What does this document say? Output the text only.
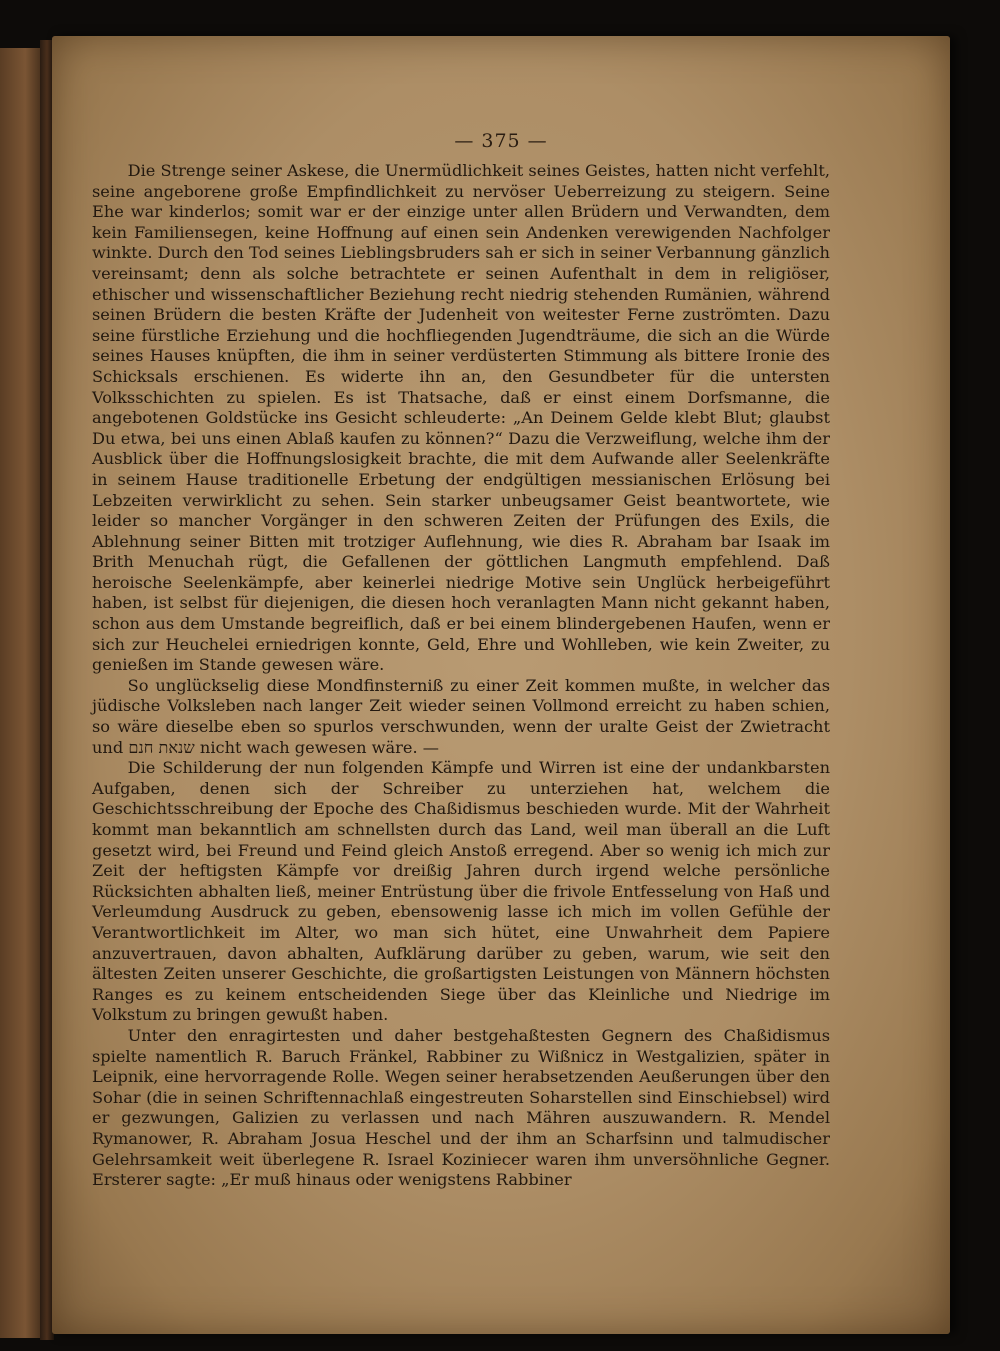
— 375 —

Die Strenge seiner Askese, die Unermüdlichkeit seines Geistes, hatten nicht verfehlt, seine angeborene große Empfindlichkeit zu nervöser Ueberreizung zu steigern. Seine Ehe war kinderlos; somit war er der einzige unter allen Brüdern und Verwandten, dem kein Familiensegen, keine Hoffnung auf einen sein Andenken verewigenden Nachfolger winkte. Durch den Tod seines Lieblingsbruders sah er sich in seiner Verbannung gänzlich vereinsamt; denn als solche betrachtete er seinen Aufenthalt in dem in religiöser, ethischer und wissenschaftlicher Beziehung recht niedrig stehenden Rumänien, während seinen Brüdern die besten Kräfte der Judenheit von weitester Ferne zuströmten. Dazu seine fürstliche Erziehung und die hochfliegenden Jugendträume, die sich an die Würde seines Hauses knüpften, die ihm in seiner verdüsterten Stimmung als bittere Ironie des Schicksals erschienen. Es widerte ihn an, den Gesundbeter für die untersten Volksschichten zu spielen. Es ist Thatsache, daß er einst einem Dorfsmanne, die angebotenen Goldstücke ins Gesicht schleuderte: „An Deinem Gelde klebt Blut; glaubst Du etwa, bei uns einen Ablaß kaufen zu können?“ Dazu die Verzweiflung, welche ihm der Ausblick über die Hoffnungslosigkeit brachte, die mit dem Aufwande aller Seelenkräfte in seinem Hause traditionelle Erbetung der endgültigen messianischen Erlösung bei Lebzeiten verwirklicht zu sehen. Sein starker unbeugsamer Geist beantwortete, wie leider so mancher Vorgänger in den schweren Zeiten der Prüfungen des Exils, die Ablehnung seiner Bitten mit trotziger Auflehnung, wie dies R. Abraham bar Isaak im Brith Menuchah rügt, die Gefallenen der göttlichen Langmuth empfehlend. Daß heroische Seelenkämpfe, aber keinerlei niedrige Motive sein Unglück herbeigeführt haben, ist selbst für diejenigen, die diesen hoch veranlagten Mann nicht gekannt haben, schon aus dem Umstande begreiflich, daß er bei einem blindergebenen Haufen, wenn er sich zur Heuchelei erniedrigen konnte, Geld, Ehre und Wohlleben, wie kein Zweiter, zu genießen im Stande gewesen wäre.

So unglückselig diese Mondfinsterniß zu einer Zeit kommen mußte, in welcher das jüdische Volksleben nach langer Zeit wieder seinen Vollmond erreicht zu haben schien, so wäre dieselbe eben so spurlos verschwunden, wenn der uralte Geist der Zwietracht und שנאת חנם nicht wach gewesen wäre. —

Die Schilderung der nun folgenden Kämpfe und Wirren ist eine der undankbarsten Aufgaben, denen sich der Schreiber zu unterziehen hat, welchem die Geschichtsschreibung der Epoche des Chaßidismus beschieden wurde. Mit der Wahrheit kommt man bekanntlich am schnellsten durch das Land, weil man überall an die Luft gesetzt wird, bei Freund und Feind gleich Anstoß erregend. Aber so wenig ich mich zur Zeit der heftigsten Kämpfe vor dreißig Jahren durch irgend welche persönliche Rücksichten abhalten ließ, meiner Entrüstung über die frivole Entfesselung von Haß und Verleumdung Ausdruck zu geben, ebensowenig lasse ich mich im vollen Gefühle der Verantwortlichkeit im Alter, wo man sich hütet, eine Unwahrheit dem Papiere anzuvertrauen, davon abhalten, Aufklärung darüber zu geben, warum, wie seit den ältesten Zeiten unserer Geschichte, die großartigsten Leistungen von Männern höchsten Ranges es zu keinem entscheidenden Siege über das Kleinliche und Niedrige im Volkstum zu bringen gewußt haben.

Unter den enragirtesten und daher bestgehaßtesten Gegnern des Chaßidismus spielte namentlich R. Baruch Fränkel, Rabbiner zu Wißnicz in Westgalizien, später in Leipnik, eine hervorragende Rolle. Wegen seiner herabsetzenden Aeußerungen über den Sohar (die in seinen Schriftennachlaß eingestreuten Soharstellen sind Einschiebsel) wird er gezwungen, Galizien zu verlassen und nach Mähren auszuwandern. R. Mendel Rymanower, R. Abraham Josua Heschel und der ihm an Scharfsinn und talmudischer Gelehrsamkeit weit überlegene R. Israel Koziniecer waren ihm unversöhnliche Gegner. Ersterer sagte: „Er muß hinaus oder wenigstens Rabbiner
